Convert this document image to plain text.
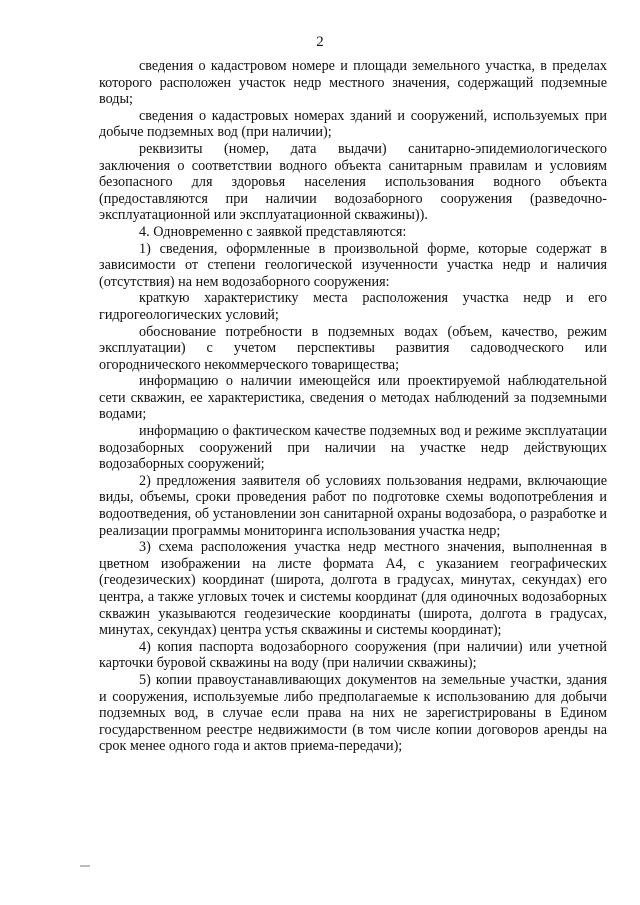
2

сведения о кадастровом номере и площади земельного участка, в пределах которого расположен участок недр местного значения, содержащий подземные воды;

сведения о кадастровых номерах зданий и сооружений, используемых при добыче подземных вод (при наличии);

реквизиты (номер, дата выдачи) санитарно-эпидемиологического заключения о соответствии водного объекта санитарным правилам и условиям безопасного для здоровья населения использования водного объекта (предоставляются при наличии водозаборного сооружения (разведочно-эксплуатационной или эксплуатационной скважины)).

4. Одновременно с заявкой представляются:

1) сведения, оформленные в произвольной форме, которые содержат в зависимости от степени геологической изученности участка недр и наличия (отсутствия) на нем водозаборного сооружения:

краткую характеристику места расположения участка недр и его гидрогеологических условий;

обоснование потребности в подземных водах (объем, качество, режим эксплуатации) с учетом перспективы развития садоводческого или огороднического некоммерческого товарищества;

информацию о наличии имеющейся или проектируемой наблюдательной сети скважин, ее характеристика, сведения о методах наблюдений за подземными водами;

информацию о фактическом качестве подземных вод и режиме эксплуатации водозаборных сооружений при наличии на участке недр действующих водозаборных сооружений;

2) предложения заявителя об условиях пользования недрами, включающие виды, объемы, сроки проведения работ по подготовке схемы водопотребления и водоотведения, об установлении зон санитарной охраны водозабора, о разработке и реализации программы мониторинга использования участка недр;

3) схема расположения участка недр местного значения, выполненная в цветном изображении на листе формата А4, с указанием географических (геодезических) координат (широта, долгота в градусах, минутах, секундах) его центра, а также угловых точек и системы координат (для одиночных водозаборных скважин указываются геодезические координаты (широта, долгота в градусах, минутах, секундах) центра устья скважины и системы координат);

4) копия паспорта водозаборного сооружения (при наличии) или учетной карточки буровой скважины на воду (при наличии скважины);

5) копии правоустанавливающих документов на земельные участки, здания и сооружения, используемые либо предполагаемые к использованию для добычи подземных вод, в случае если права на них не зарегистрированы в Едином государственном реестре недвижимости (в том числе копии договоров аренды на срок менее одного года и актов приема-передачи);
